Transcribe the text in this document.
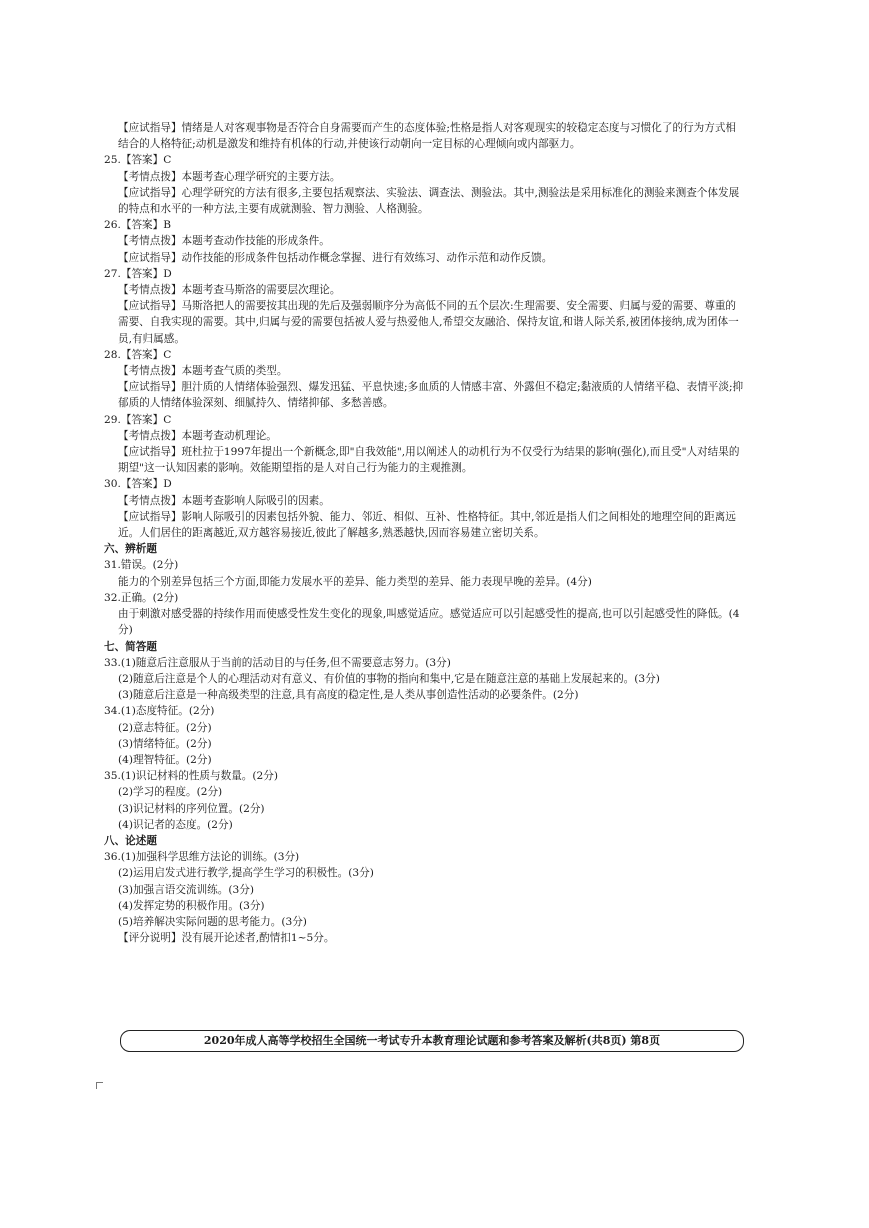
【应试指导】情绪是人对客观事物是否符合自身需要而产生的态度体验;性格是指人对客观现实的较稳定态度与习惯化了的行为方式相结合的人格特征;动机是激发和维持有机体的行动,并使该行动朝向一定目标的心理倾向或内部驱力。
25.【答案】C
【考情点拨】本题考查心理学研究的主要方法。
【应试指导】心理学研究的方法有很多,主要包括观察法、实验法、调查法、测验法。其中,测验法是采用标准化的测验来测查个体发展的特点和水平的一种方法,主要有成就测验、智力测验、人格测验。
26.【答案】B
【考情点拨】本题考查动作技能的形成条件。
【应试指导】动作技能的形成条件包括动作概念掌握、进行有效练习、动作示范和动作反馈。
27.【答案】D
【考情点拨】本题考查马斯洛的需要层次理论。
【应试指导】马斯洛把人的需要按其出现的先后及强弱顺序分为高低不同的五个层次:生理需要、安全需要、归属与爱的需要、尊重的需要、自我实现的需要。其中,归属与爱的需要包括被人爱与热爱他人,希望交友融洽、保持友谊,和谐人际关系,被团体接纳,成为团体一员,有归属感。
28.【答案】C
【考情点拨】本题考查气质的类型。
【应试指导】胆汁质的人情绪体验强烈、爆发迅猛、平息快速;多血质的人情感丰富、外露但不稳定;黏液质的人情绪平稳、表情平淡;抑郁质的人情绪体验深刻、细腻持久、情绪抑郁、多愁善感。
29.【答案】C
【考情点拨】本题考查动机理论。
【应试指导】班杜拉于1997年提出一个新概念,即"自我效能",用以阐述人的动机行为不仅受行为结果的影响(强化),而且受"人对结果的期望"这一认知因素的影响。效能期望指的是人对自己行为能力的主观推测。
30.【答案】D
【考情点拨】本题考查影响人际吸引的因素。
【应试指导】影响人际吸引的因素包括外貌、能力、邻近、相似、互补、性格特征。其中,邻近是指人们之间相处的地理空间的距离远近。人们居住的距离越近,双方越容易接近,彼此了解越多,熟悉越快,因而容易建立密切关系。
六、辨析题
31.错误。(2分)
能力的个别差异包括三个方面,即能力发展水平的差异、能力类型的差异、能力表现早晚的差异。(4分)
32.正确。(2分)
由于刺激对感受器的持续作用而使感受性发生变化的现象,叫感觉适应。感觉适应可以引起感受性的提高,也可以引起感受性的降低。(4分)
七、简答题
33.(1)随意后注意服从于当前的活动目的与任务,但不需要意志努力。(3分)
(2)随意后注意是个人的心理活动对有意义、有价值的事物的指向和集中,它是在随意注意的基础上发展起来的。(3分)
(3)随意后注意是一种高级类型的注意,具有高度的稳定性,是人类从事创造性活动的必要条件。(2分)
34.(1)态度特征。(2分)
(2)意志特征。(2分)
(3)情绪特征。(2分)
(4)理智特征。(2分)
35.(1)识记材料的性质与数量。(2分)
(2)学习的程度。(2分)
(3)识记材料的序列位置。(2分)
(4)识记者的态度。(2分)
八、论述题
36.(1)加强科学思维方法论的训练。(3分)
(2)运用启发式进行教学,提高学生学习的积极性。(3分)
(3)加强言语交流训练。(3分)
(4)发挥定势的积极作用。(3分)
(5)培养解决实际问题的思考能力。(3分)
【评分说明】没有展开论述者,酌情扣1~5分。
2020年成人高等学校招生全国统一考试专升本教育理论试题和参考答案及解析(共8页) 第8页
